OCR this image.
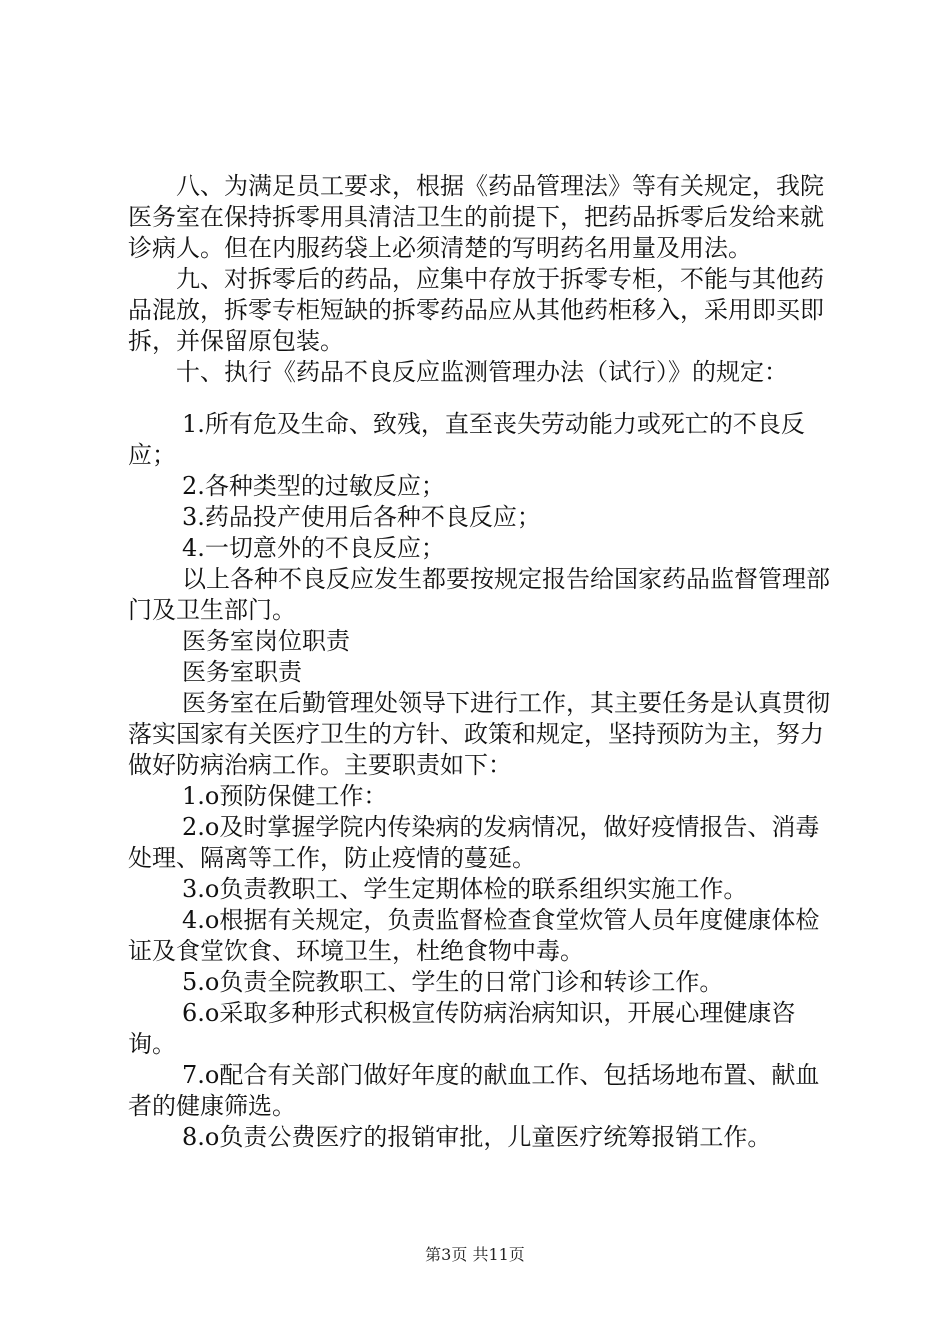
八、为满足员工要求，根据《药品管理法》等有关规定，我院医务室在保持拆零用具清洁卫生的前提下，把药品拆零后发给来就诊病人。但在内服药袋上必须清楚的写明药名用量及用法。

九、对拆零后的药品，应集中存放于拆零专柜，不能与其他药品混放，拆零专柜短缺的拆零药品应从其他药柜移入，采用即买即拆，并保留原包装。

十、执行《药品不良反应监测管理办法（试行）》的规定：

1.所有危及生命、致残，直至丧失劳动能力或死亡的不良反应；

2.各种类型的过敏反应；

3.药品投产使用后各种不良反应；

4.一切意外的不良反应；

以上各种不良反应发生都要按规定报告给国家药品监督管理部门及卫生部门。

医务室岗位职责

医务室职责

医务室在后勤管理处领导下进行工作，其主要任务是认真贯彻落实国家有关医疗卫生的方针、政策和规定，坚持预防为主，努力做好防病治病工作。主要职责如下：

1.o预防保健工作：

2.o及时掌握学院内传染病的发病情况，做好疫情报告、消毒处理、隔离等工作，防止疫情的蔓延。

3.o负责教职工、学生定期体检的联系组织实施工作。

4.o根据有关规定，负责监督检查食堂炊管人员年度健康体检证及食堂饮食、环境卫生，杜绝食物中毒。

5.o负责全院教职工、学生的日常门诊和转诊工作。

6.o采取多种形式积极宣传防病治病知识，开展心理健康咨询。

7.o配合有关部门做好年度的献血工作、包括场地布置、献血者的健康筛选。

8.o负责公费医疗的报销审批，儿童医疗统筹报销工作。

第3页 共11页
